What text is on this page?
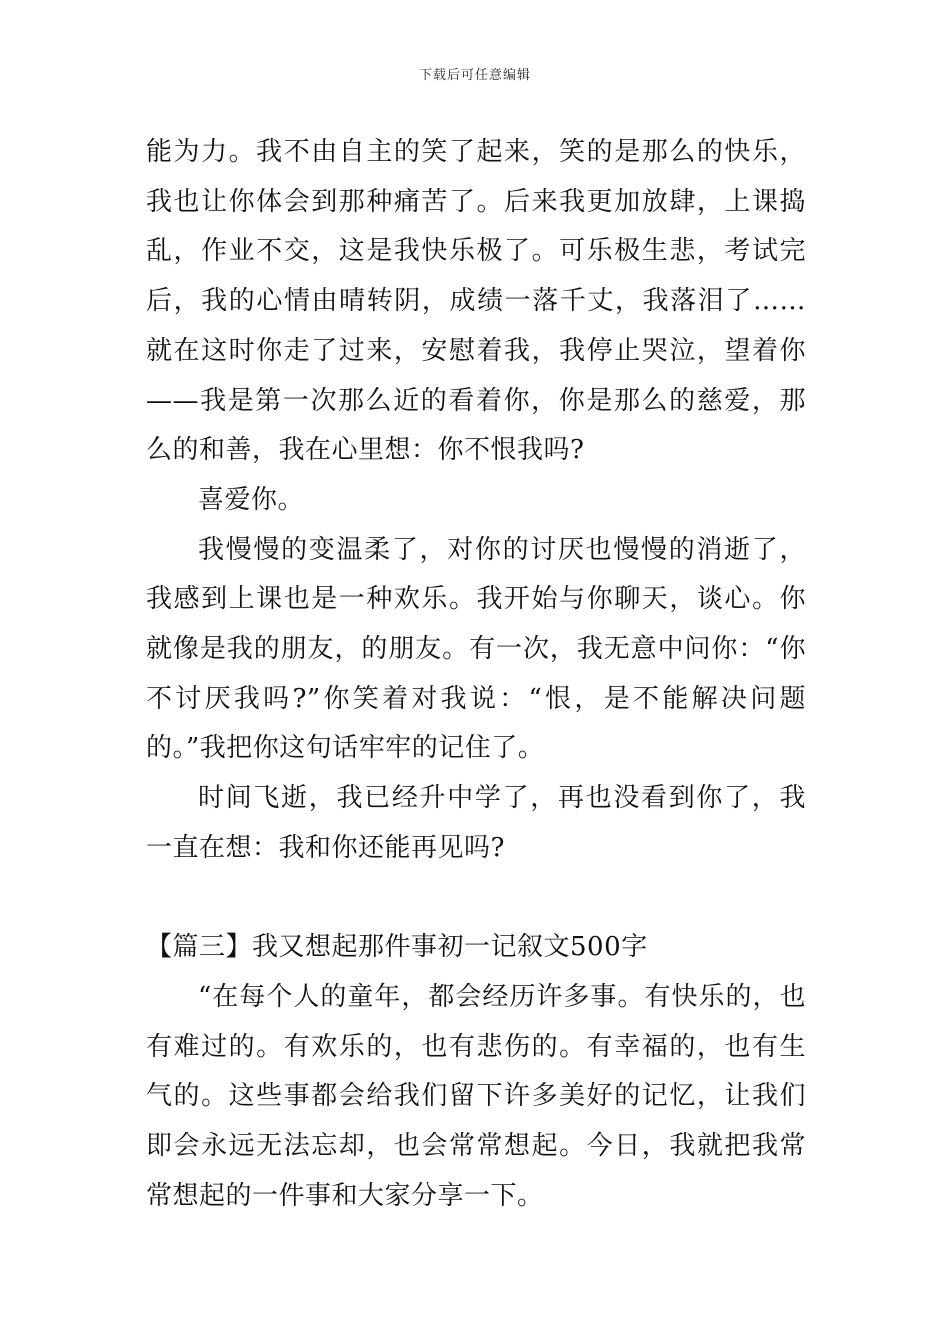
下载后可任意编辑

能为力。我不由自主的笑了起来，笑的是那么的快乐，我也让你体会到那种痛苦了。后来我更加放肆，上课捣乱，作业不交，这是我快乐极了。可乐极生悲，考试完后，我的心情由晴转阴，成绩一落千丈，我落泪了……就在这时你走了过来，安慰着我，我停止哭泣，望着你——我是第一次那么近的看着你，你是那么的慈爱，那么的和善，我在心里想：你不恨我吗?

喜爱你。

我慢慢的变温柔了，对你的讨厌也慢慢的消逝了，我感到上课也是一种欢乐。我开始与你聊天，谈心。你就像是我的朋友，的朋友。有一次，我无意中问你：“你不讨厌我吗?”你笑着对我说：“恨，是不能解决问题的。”我把你这句话牢牢的记住了。

时间飞逝，我已经升中学了，再也没看到你了，我一直在想：我和你还能再见吗?

【篇三】我又想起那件事初一记叙文500字

“在每个人的童年，都会经历许多事。有快乐的，也有难过的。有欢乐的，也有悲伤的。有幸福的，也有生气的。这些事都会给我们留下许多美好的记忆，让我们即会永远无法忘却，也会常常想起。今日，我就把我常常想起的一件事和大家分享一下。
